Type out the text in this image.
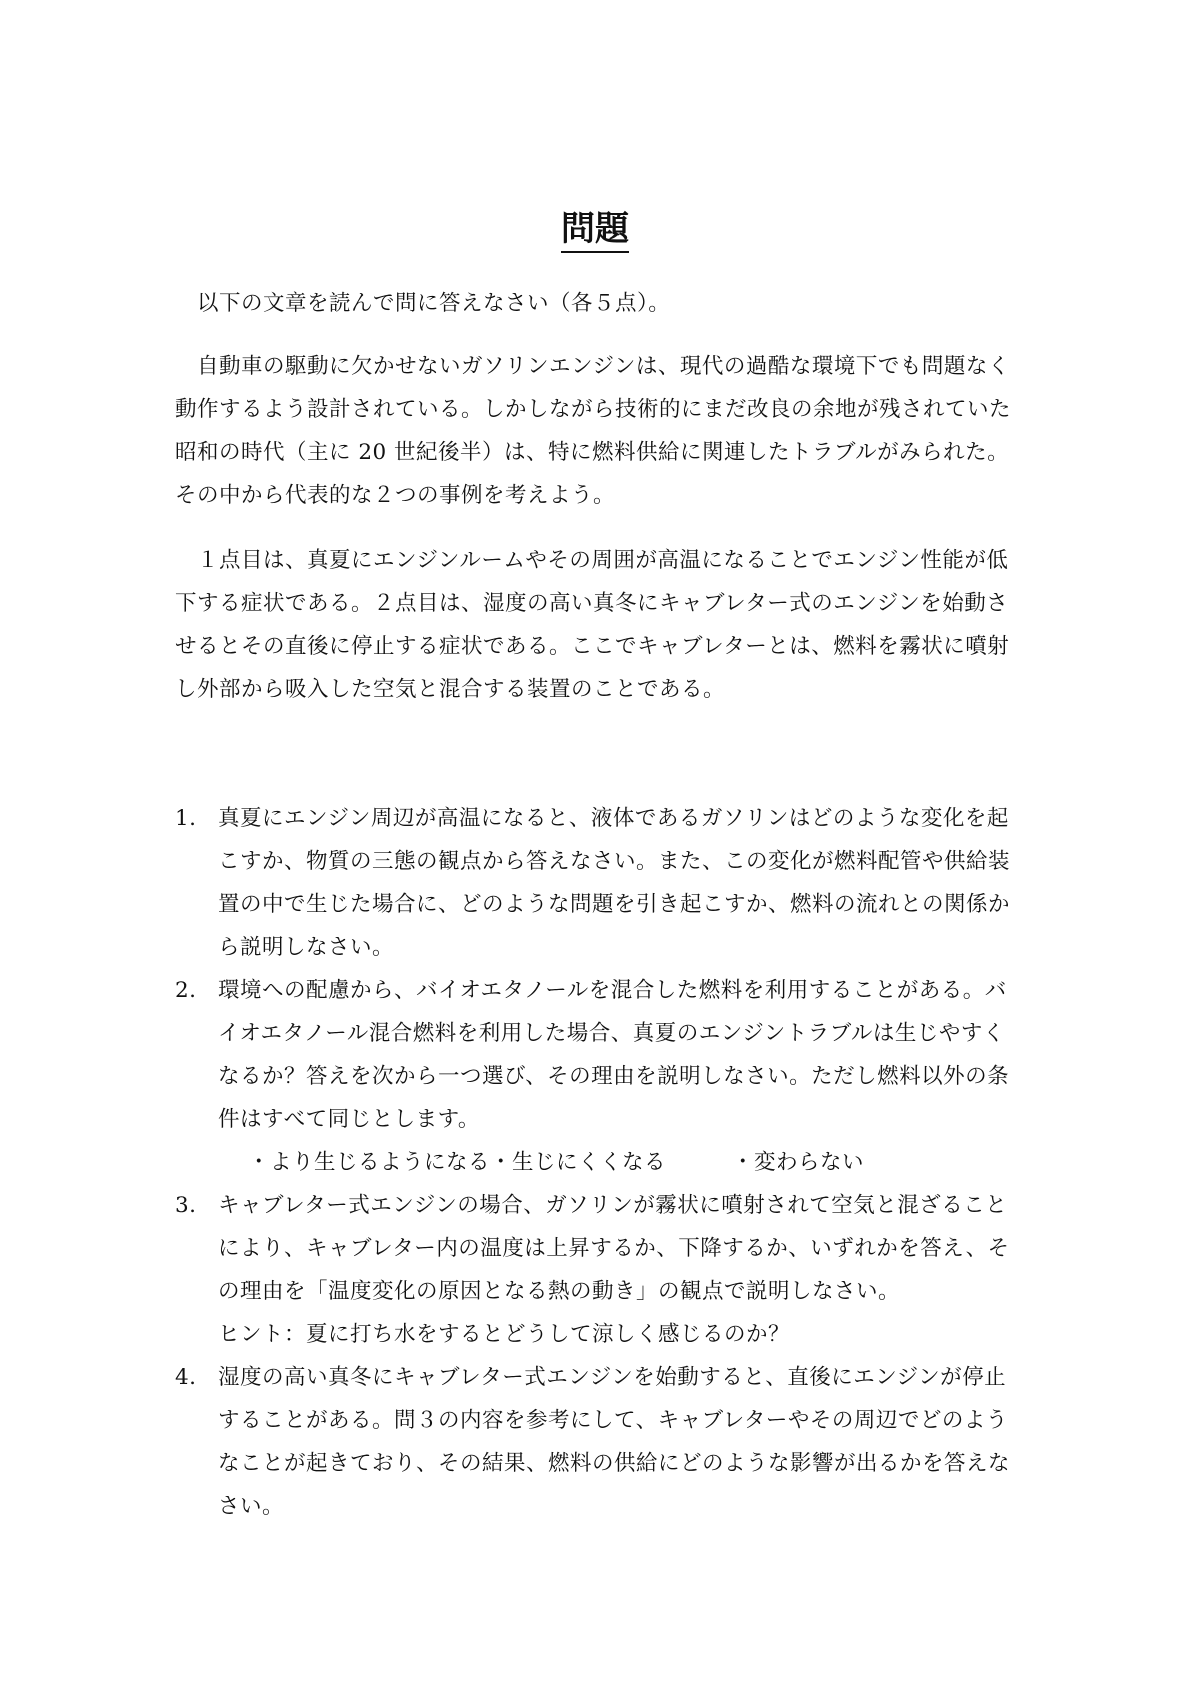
問題

以下の文章を読んで問に答えなさい（各５点）。

自動車の駆動に欠かせないガソリンエンジンは、現代の過酷な環境下でも問題なく動作するよう設計されている。しかしながら技術的にまだ改良の余地が残されていた昭和の時代（主に 20 世紀後半）は、特に燃料供給に関連したトラブルがみられた。その中から代表的な２つの事例を考えよう。

１点目は、真夏にエンジンルームやその周囲が高温になることでエンジン性能が低下する症状である。２点目は、湿度の高い真冬にキャブレター式のエンジンを始動させるとその直後に停止する症状である。ここでキャブレターとは、燃料を霧状に噴射し外部から吸入した空気と混合する装置のことである。

1. 真夏にエンジン周辺が高温になると、液体であるガソリンはどのような変化を起こすか、物質の三態の観点から答えなさい。また、この変化が燃料配管や供給装置の中で生じた場合に、どのような問題を引き起こすか、燃料の流れとの関係から説明しなさい。
2. 環境への配慮から、バイオエタノールを混合した燃料を利用することがある。バイオエタノール混合燃料を利用した場合、真夏のエンジントラブルは生じやすくなるか？答えを次から一つ選び、その理由を説明しなさい。ただし燃料以外の条件はすべて同じとします。
・より生じるようになる ・生じにくくなる	・変わらない
3. キャブレター式エンジンの場合、ガソリンが霧状に噴射されて空気と混ざることにより、キャブレター内の温度は上昇するか、下降するか、いずれかを答え、その理由を「温度変化の原因となる熱の動き」の観点で説明しなさい。

ヒント：夏に打ち水をするとどうして涼しく感じるのか？

4. 湿度の高い真冬にキャブレター式エンジンを始動すると、直後にエンジンが停止することがある。問３の内容を参考にして、キャブレターやその周辺でどのようなことが起きており、その結果、燃料の供給にどのような影響が出るかを答えなさい。
